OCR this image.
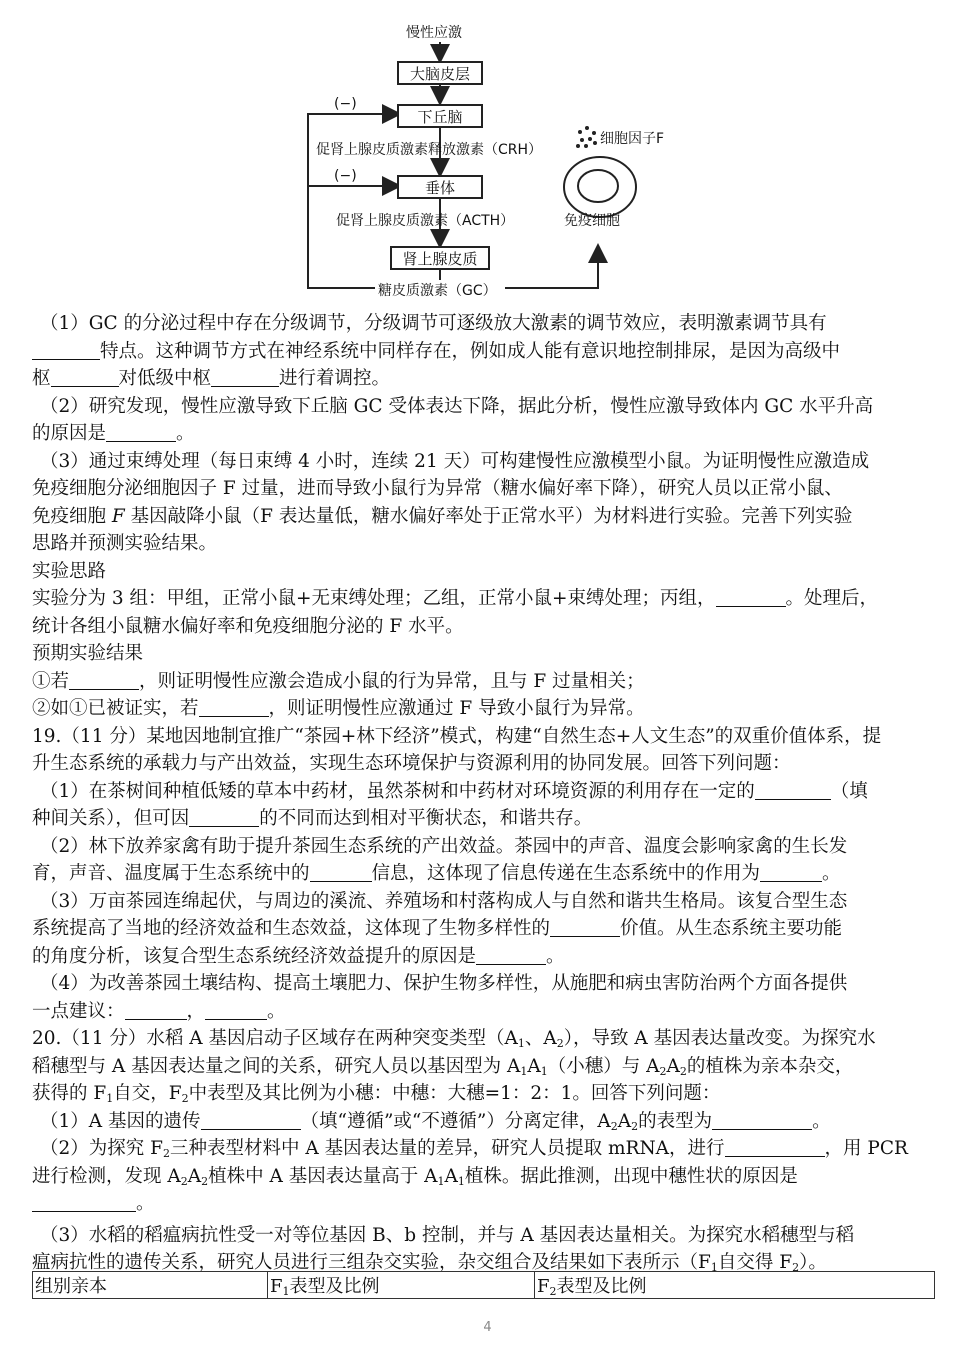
慢性应激
大脑皮层
下丘脑
促肾上腺皮质激素释放激素（CRH）
垂体
促肾上腺皮质激素（ACTH）
肾上腺皮质
糖皮质激素（GC）
(−)
(−)
细胞因子F
免疫细胞
（1）GC 的分泌过程中存在分级调节，分级调节可逐级放大激素的调节效应，表明激素调节具有
特点。这种调节方式在神经系统中同样存在，例如成人能有意识地控制排尿，是因为高级中
枢	对低级中枢	进行着调控。
（2）研究发现，慢性应激导致下丘脑 GC 受体表达下降，据此分析，慢性应激导致体内 GC 水平升高
的原因是	。
（3）通过束缚处理（每日束缚 4 小时，连续 21 天）可构建慢性应激模型小鼠。为证明慢性应激造成
免疫细胞分泌细胞因子 F 过量，进而导致小鼠行为异常（糖水偏好率下降），研究人员以正常小鼠、
免疫细胞 F 基因敲降小鼠（F 表达量低，糖水偏好率处于正常水平）为材料进行实验。完善下列实验
思路并预测实验结果。
实验思路
实验分为 3 组：甲组，正常小鼠+无束缚处理；乙组，正常小鼠+束缚处理；丙组，	。处理后，
统计各组小鼠糖水偏好率和免疫细胞分泌的 F 水平。
预期实验结果
①若	，则证明慢性应激会造成小鼠的行为异常，且与 F 过量相关；
②如①已被证实，若	，则证明慢性应激通过 F 导致小鼠行为异常。
19.（11 分）某地因地制宜推广“茶园+林下经济”模式，构建“自然生态+人文生态”的双重价值体系，提
升生态系统的承载力与产出效益，实现生态环境保护与资源利用的协同发展。回答下列问题：
（1）在茶树间种植低矮的草本中药材，虽然茶树和中药材对环境资源的利用存在一定的	（填
种间关系），但可因	的不同而达到相对平衡状态，和谐共存。
（2）林下放养家禽有助于提升茶园生态系统的产出效益。茶园中的声音、温度会影响家禽的生长发
育，声音、温度属于生态系统中的	信息，这体现了信息传递在生态系统中的作用为	。
（3）万亩茶园连绵起伏，与周边的溪流、养殖场和村落构成人与自然和谐共生格局。该复合型生态
系统提高了当地的经济效益和生态效益，这体现了生物多样性的	价值。从生态系统主要功能
的角度分析，该复合型生态系统经济效益提升的原因是	。
（4）为改善茶园土壤结构、提高土壤肥力、保护生物多样性，从施肥和病虫害防治两个方面各提供
一点建议：	，	。
20.（11 分）水稻 A 基因启动子区域存在两种突变类型（$A_1$、$A_2$），导致 A 基因表达量改变。为探究水
稻穗型与 A 基因表达量之间的关系，研究人员以基因型为 $A_1A_1$（小穗）与 $A_2A_2$的植株为亲本杂交，
获得的 $F_1$自交，$F_2$中表型及其比例为小穗：中穗：大穗=1：2：1。回答下列问题：
（1）A 基因的遗传	（填“遵循”或“不遵循”）分离定律，$A_2A_2$的表型为	。
（2）为探究 $F_2$三种表型材料中 A 基因表达量的差异，研究人员提取 mRNA，进行	，用 PCR
进行检测，发现 $A_2A_2$植株中 A 基因表达量高于 $A_1A_1$植株。据此推测，出现中穗性状的原因是
。
（3）水稻的稻瘟病抗性受一对等位基因 B、b 控制，并与 A 基因表达量相关。为探究水稻穗型与稻
瘟病抗性的遗传关系，研究人员进行三组杂交实验，杂交组合及结果如下表所示（$F_1$自交得 $F_2$）。
组别亲本	$F_1$表型及比例	$F_2$表型及比例
4
